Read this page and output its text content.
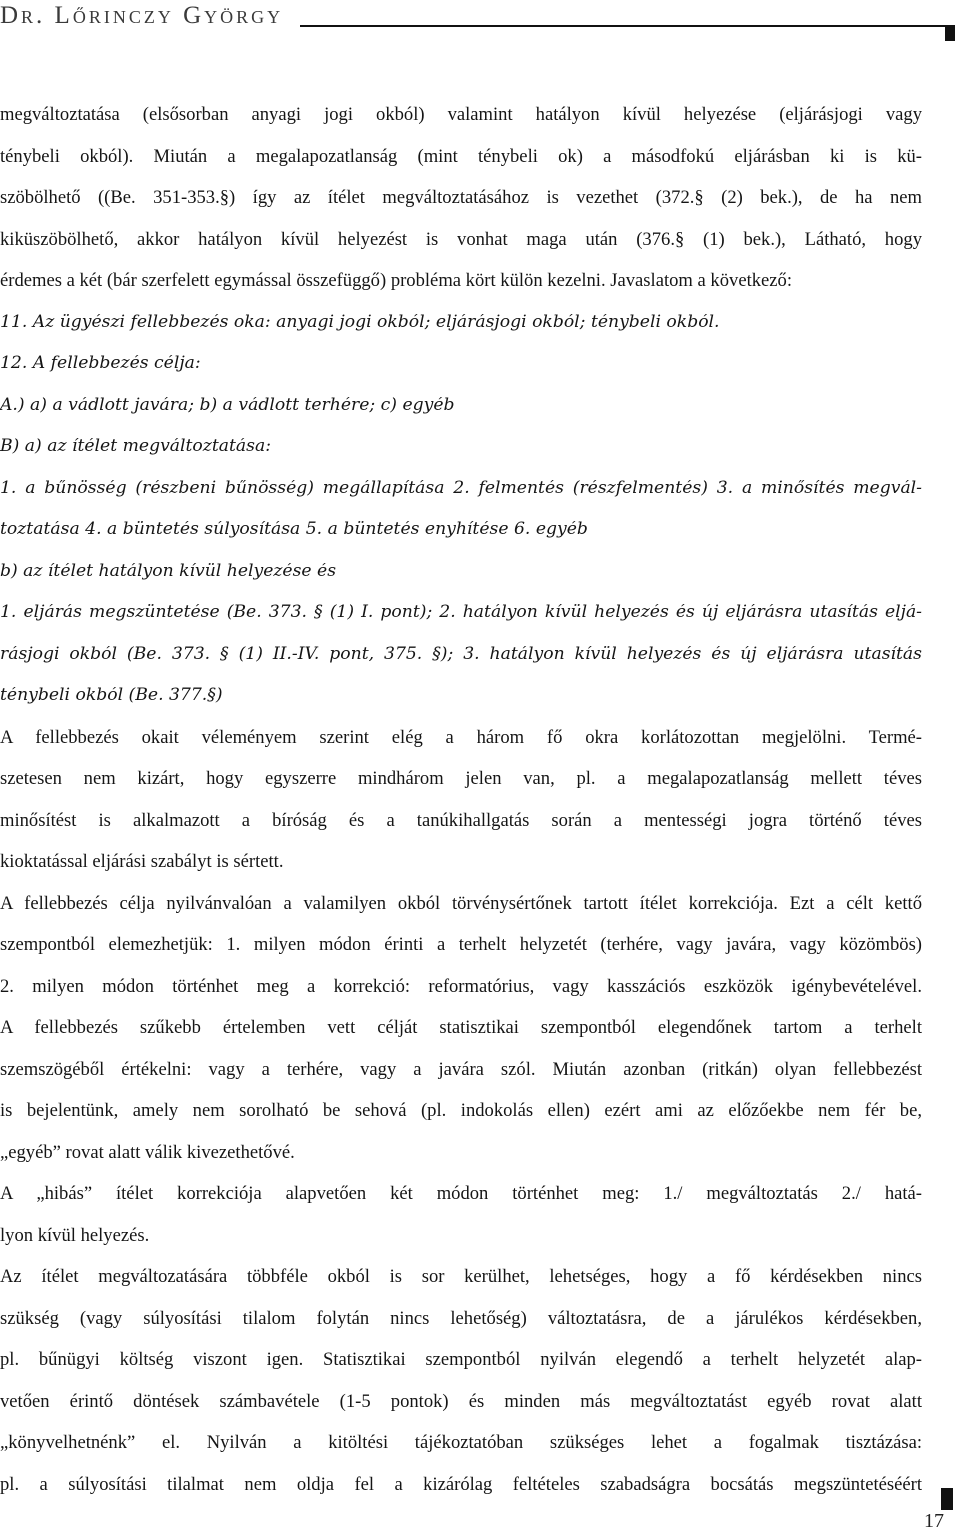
Dr. Lőrinczy György
megváltoztatása (elsősorban anyagi jogi okból) valamint hatályon kívül helyezése (eljárásjogi vagy
ténybeli okból). Miután a megalapozatlanság (mint ténybeli ok) a másodfokú eljárásban ki is kü-
szöbölhető ((Be. 351-353.§) így az ítélet megváltoztatásához is vezethet (372.§ (2) bek.), de ha nem
kiküszöbölhető, akkor hatályon kívül helyezést is vonhat maga után (376.§ (1) bek.), Látható, hogy
érdemes a két (bár szerfelett egymással összefüggő) probléma kört külön kezelni. Javaslatom a következő:
11. Az ügyészi fellebbezés oka: anyagi jogi okból; eljárásjogi okból; ténybeli okból.
12. A fellebbezés célja:
A.) a) a vádlott javára; b) a vádlott terhére; c) egyéb
B) a) az ítélet megváltoztatása:
1. a bűnösség (részbeni bűnösség) megállapítása 2. felmentés (részfelmentés) 3. a minősítés megvál-
toztatása 4. a büntetés súlyosítása 5. a büntetés enyhítése 6. egyéb
b) az ítélet hatályon kívül helyezése és
1. eljárás megszüntetése (Be. 373. § (1) I. pont); 2. hatályon kívül helyezés és új eljárásra utasítás eljá-
rásjogi okból (Be. 373. § (1) II.-IV. pont, 375. §); 3. hatályon kívül helyezés és új eljárásra utasítás
ténybeli okból (Be. 377.§)
A fellebbezés okait véleményem szerint elég a három fő okra korlátozottan megjelölni. Termé-
szetesen nem kizárt, hogy egyszerre mindhárom jelen van, pl. a megalapozatlanság mellett téves
minősítést is alkalmazott a bíróság és a tanúkihallgatás során a mentességi jogra történő téves
kioktatással eljárási szabályt is sértett.
A fellebbezés célja nyilvánvalóan a valamilyen okból törvénysértőnek tartott ítélet korrekciója. Ezt a célt kettő
szempontból elemezhetjük: 1. milyen módon érinti a terhelt helyzetét (terhére, vagy javára, vagy közömbös)
2. milyen módon történhet meg a korrekció: reformatórius, vagy kasszációs eszközök igénybevételével.
A fellebbezés szűkebb értelemben vett célját statisztikai szempontból elegendőnek tartom a terhelt
szemszögéből értékelni: vagy a terhére, vagy a javára szól. Miután azonban (ritkán) olyan fellebbezést
is bejelentünk, amely nem sorolható be sehová (pl. indokolás ellen) ezért ami az előzőekbe nem fér be,
„egyéb” rovat alatt válik kivezethetővé.
A „hibás” ítélet korrekciója alapvetően két módon történhet meg: 1./ megváltoztatás 2./ hatá-
lyon kívül helyezés.
Az ítélet megváltozatására többféle okból is sor kerülhet, lehetséges, hogy a fő kérdésekben nincs
szükség (vagy súlyosítási tilalom folytán nincs lehetőség) változtatásra, de a járulékos kérdésekben,
pl. bűnügyi költség viszont igen. Statisztikai szempontból nyilván elegendő a terhelt helyzetét alap-
vetően érintő döntések számbavétele (1-5 pontok) és minden más megváltoztatást egyéb rovat alatt
„könyvelhetnénk” el. Nyilván a kitöltési tájékoztatóban szükséges lehet a fogalmak tisztázása:
pl. a súlyosítási tilalmat nem oldja fel a kizárólag feltételes szabadságra bocsátás megszüntetéséért
17
